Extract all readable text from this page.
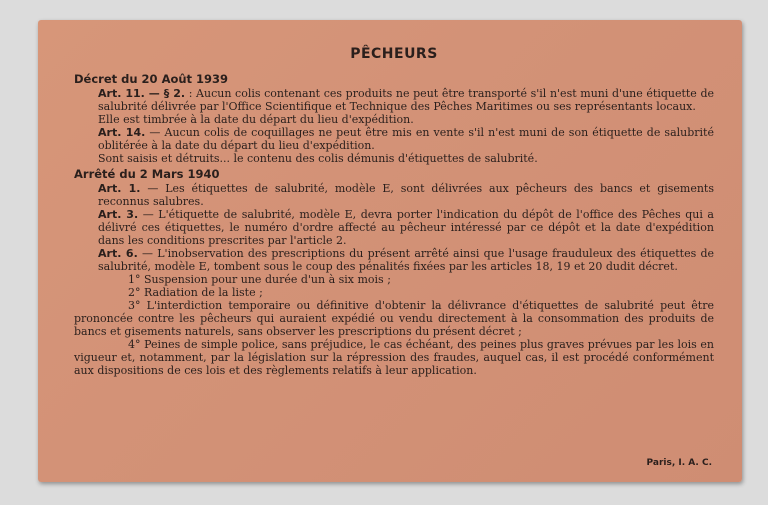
PÊCHEURS
Décret du 20 Août 1939

Art. 11. — § 2. : Aucun colis contenant ces produits ne peut être transporté s'il n'est muni d'une étiquette de salubrité délivrée par l'Office Scientifique et Technique des Pêches Maritimes ou ses représentants locaux.

Elle est timbrée à la date du départ du lieu d'expédition.

Art. 14. — Aucun colis de coquillages ne peut être mis en vente s'il n'est muni de son étiquette de salubrité oblitérée à la date du départ du lieu d'expédition.

Sont saisis et détruits... le contenu des colis démunis d'étiquettes de salubrité.

Arrêté du 2 Mars 1940

Art. 1. — Les étiquettes de salubrité, modèle E, sont délivrées aux pêcheurs des bancs et gisements reconnus salubres.

Art. 3. — L'étiquette de salubrité, modèle E, devra porter l'indication du dépôt de l'office des Pêches qui a délivré ces étiquettes, le numéro d'ordre affecté au pêcheur intéressé par ce dépôt et la date d'expédition dans les conditions prescrites par l'article 2.

Art. 6. — L'inobservation des prescriptions du présent arrêté ainsi que l'usage frauduleux des étiquettes de salubrité, modèle E, tombent sous le coup des pénalités fixées par les articles 18, 19 et 20 dudit décret.

1° Suspension pour une durée d'un à six mois ;

2° Radiation de la liste ;

3° L'interdiction temporaire ou définitive d'obtenir la délivrance d'étiquettes de salubrité peut être prononcée contre les pêcheurs qui auraient expédié ou vendu directement à la consommation des produits de bancs et gisements naturels, sans observer les prescriptions du présent décret ;

4° Peines de simple police, sans préjudice, le cas échéant, des peines plus graves prévues par les lois en vigueur et, notamment, par la législation sur la répression des fraudes, auquel cas, il est procédé conformément aux dispositions de ces lois et des règlements relatifs à leur application.

Paris, I. A. C.
